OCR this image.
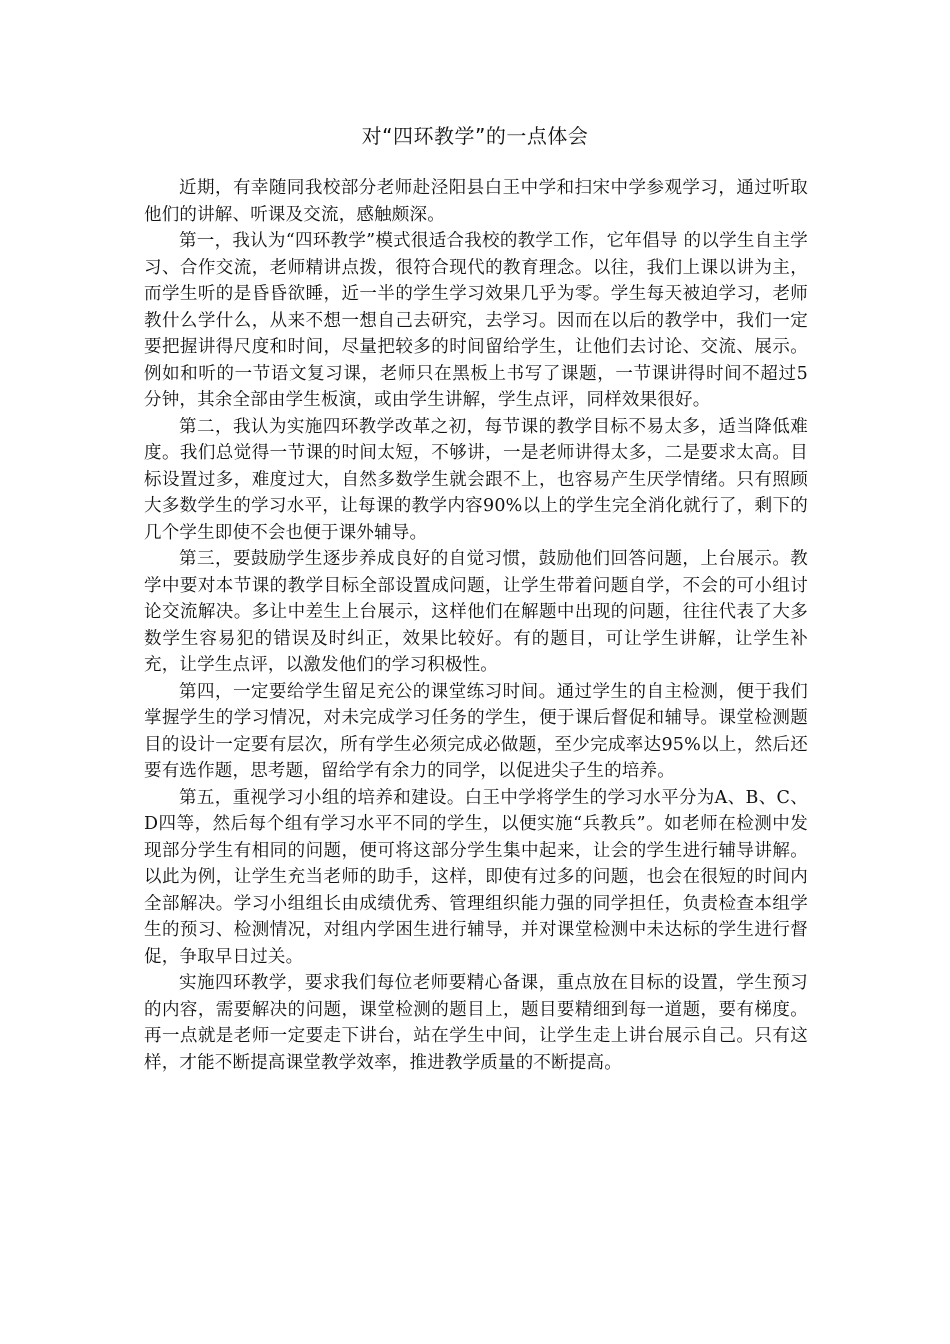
对“四环教学”的一点体会

近期，有幸随同我校部分老师赴泾阳县白王中学和扫宋中学参观学习，通过听取他们的讲解、听课及交流，感触颇深。

第一，我认为“四环教学”模式很适合我校的教学工作，它年倡导 的以学生自主学习、合作交流，老师精讲点拨，很符合现代的教育理念。以往，我们上课以讲为主，而学生听的是昏昏欲睡，近一半的学生学习效果几乎为零。学生每天被迫学习，老师教什么学什么，从来不想一想自己去研究，去学习。因而在以后的教学中，我们一定要把握讲得尺度和时间，尽量把较多的时间留给学生，让他们去讨论、交流、展示。例如和听的一节语文复习课，老师只在黑板上书写了课题，一节课讲得时间不超过5分钟，其余全部由学生板演，或由学生讲解，学生点评，同样效果很好。

第二，我认为实施四环教学改革之初，每节课的教学目标不易太多，适当降低难度。我们总觉得一节课的时间太短，不够讲，一是老师讲得太多，二是要求太高。目标设置过多，难度过大，自然多数学生就会跟不上，也容易产生厌学情绪。只有照顾大多数学生的学习水平，让每课的教学内容90%以上的学生完全消化就行了，剩下的几个学生即使不会也便于课外辅导。

第三，要鼓励学生逐步养成良好的自觉习惯，鼓励他们回答问题，上台展示。教学中要对本节课的教学目标全部设置成问题，让学生带着问题自学，不会的可小组讨论交流解决。多让中差生上台展示，这样他们在解题中出现的问题，往往代表了大多数学生容易犯的错误及时纠正，效果比较好。有的题目，可让学生讲解，让学生补充，让学生点评，以激发他们的学习积极性。

第四，一定要给学生留足充公的课堂练习时间。通过学生的自主检测，便于我们掌握学生的学习情况，对未完成学习任务的学生，便于课后督促和辅导。课堂检测题目的设计一定要有层次，所有学生必须完成必做题，至少完成率达95%以上，然后还要有选作题，思考题，留给学有余力的同学，以促进尖子生的培养。

第五，重视学习小组的培养和建设。白王中学将学生的学习水平分为A、B、C、D四等，然后每个组有学习水平不同的学生，以便实施“兵教兵”。如老师在检测中发现部分学生有相同的问题，便可将这部分学生集中起来，让会的学生进行辅导讲解。以此为例，让学生充当老师的助手，这样，即使有过多的问题，也会在很短的时间内全部解决。学习小组组长由成绩优秀、管理组织能力强的同学担任，负责检查本组学生的预习、检测情况，对组内学困生进行辅导，并对课堂检测中未达标的学生进行督促，争取早日过关。

实施四环教学，要求我们每位老师要精心备课，重点放在目标的设置，学生预习的内容，需要解决的问题，课堂检测的题目上，题目要精细到每一道题，要有梯度。再一点就是老师一定要走下讲台，站在学生中间，让学生走上讲台展示自己。只有这样，才能不断提高课堂教学效率，推进教学质量的不断提高。
